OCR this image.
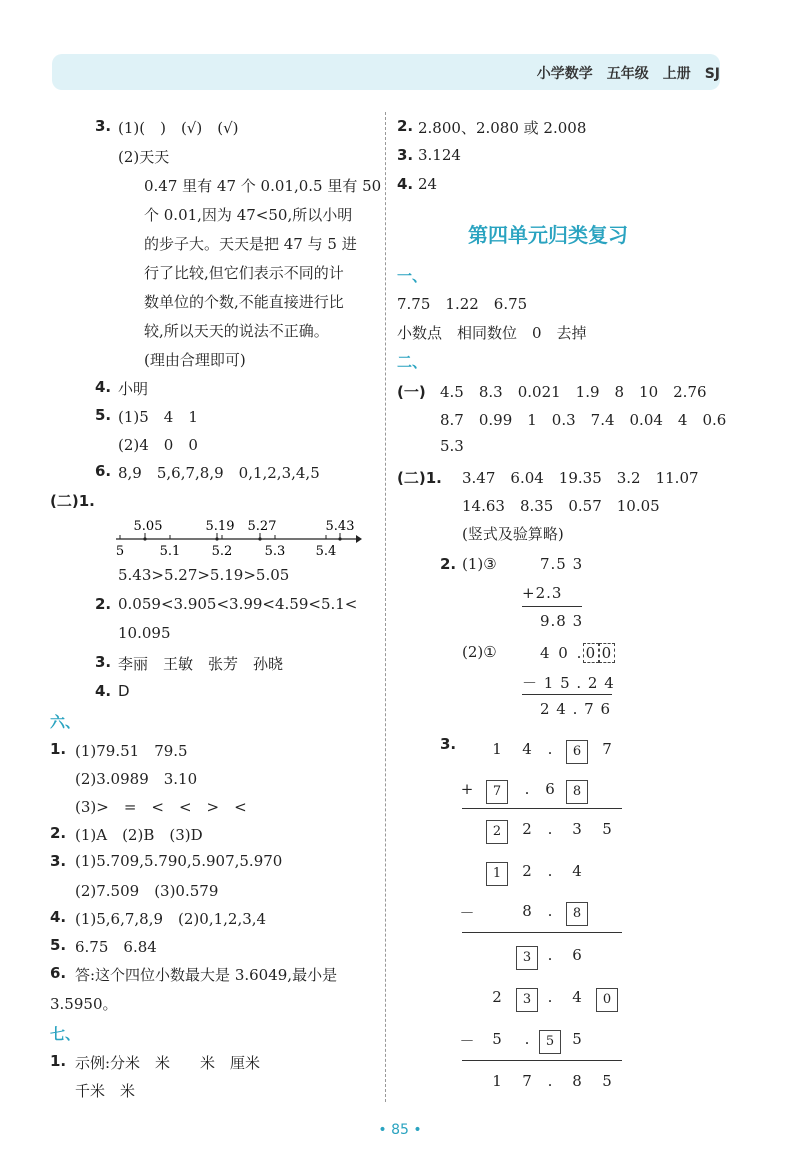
小学数学　五年级　上册　SJ
3. (1)(　)　(√)　(√)
(2)天天
0.47 里有 47 个 0.01,0.5 里有 50
个 0.01,因为 47<50,所以小明
的步子大。天天是把 47 与 5 进
行了比较,但它们表示不同的计
数单位的个数,不能直接进行比
较,所以天天的说法不正确。
(理由合理即可)
4. 小明
5. (1)5　4　1
(2)4　0　0
6. 8,9　5,6,7,8,9　0,1,2,3,4,5
(二)1.
5.05	5.19 5.27	5.43
5	5.1 5.2 5.3 5.4
5.43>5.27>5.19>5.05
2. 0.059<3.905<3.99<4.59<5.1<
10.095
3. 李丽　王敏　张芳　孙晓
4. D
六、
1. (1)79.51　79.5
(2)3.0989　3.10
(3)>　=　<　<　>　<
2. (1)A　(2)B　(3)D
3. (1)5.709,5.790,5.907,5.970
(2)7.509　(3)0.579
4. (1)5,6,7,8,9　(2)0,1,2,3,4
5. 6.75　6.84
6. 答:这个四位小数最大是 3.6049,最小是
3.5950。
七、
1. 示例:分米　米　　米　厘米
千米　米
2. 2.800、2.080 或 2.008
3. 3.124
4. 24
第四单元归类复习
一、
7.75　1.22　6.75
小数点　相同数位　0　去掉
二、
(一) 4.5　8.3　0.021　1.9　8　10　2.76
8.7　0.99　1　0.3　7.4　0.04　4　0.6
5.3
(二)1. 3.47　6.04　19.35　3.2　11.07
14.63　8.35　0.57　10.05
(竖式及验算略)
2. (1)③	7.5 3
+2.3
9.8 3
(2)①	4 0 . 0 0
－ 1 5 . 2 4
2 4 . 7 6
3.	1	4	.	6	7
+	7	.	6	8
2	2	.	3	5
1	2	.	4
－	8	.	8
3	.	6
2	3	.	4	0
－	5	.	5	5
1	7	.	8	5
• 85 •
